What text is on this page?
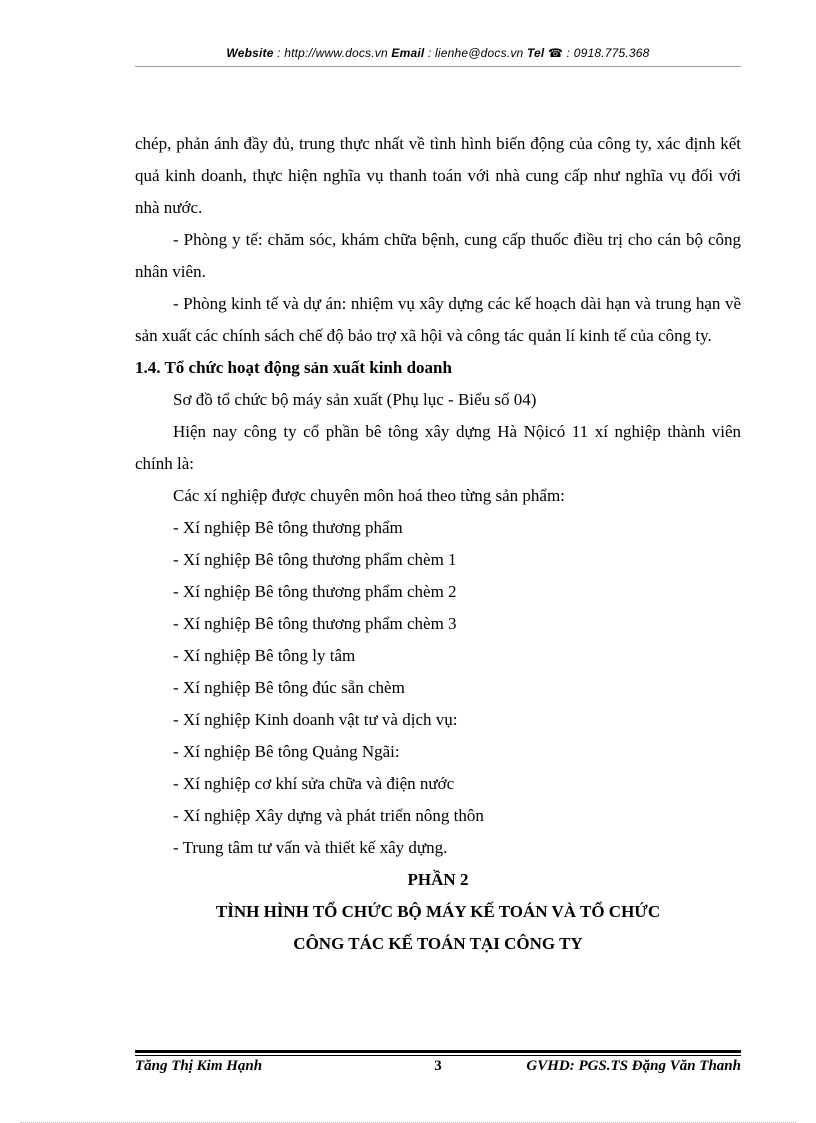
Website : http://www.docs.vn Email : lienhe@docs.vn Tel ☎ : 0918.775.368

chép, phản ánh đầy đủ, trung thực nhất về tình hình biến động của công ty, xác định kết quả kinh doanh, thực hiện nghĩa vụ thanh toán với nhà cung cấp như nghĩa vụ đối với nhà nước.

- Phòng y tế: chăm sóc, khám chữa bệnh, cung cấp thuốc điều trị cho cán bộ công nhân viên.

- Phòng kinh tế và dự án: nhiệm vụ xây dựng các kế hoạch dài hạn và trung hạn về sản xuất các chính sách chế độ bảo trợ xã hội và công tác quản lí kinh tế của công ty.

1.4. Tổ chức hoạt động sản xuất kinh doanh

Sơ đồ tổ chức bộ máy sản xuất (Phụ lục - Biểu số 04)

Hiện nay công ty cổ phần bê tông xây dựng Hà Nộicó 11 xí nghiệp thành viên chính là:

Các xí nghiệp được chuyên môn hoá theo từng sản phẩm:

- Xí nghiệp Bê tông thương phẩm

- Xí nghiệp Bê tông thương phẩm chèm 1

- Xí nghiệp Bê tông thương phẩm chèm 2

- Xí nghiệp Bê tông thương phẩm chèm 3

- Xí nghiệp Bê tông ly tâm

- Xí nghiệp Bê tông đúc sẵn chèm

- Xí nghiệp Kinh doanh vật tư và dịch vụ:

- Xí nghiệp Bê tông Quảng Ngãi:

- Xí nghiệp cơ khí sửa chữa và điện nước

- Xí nghiệp Xây dựng và phát triển nông thôn

- Trung tâm tư vấn và thiết kế xây dựng.

PHẦN 2

TÌNH HÌNH TỔ CHỨC BỘ MÁY KẾ TOÁN VÀ TỔ CHỨC

CÔNG TÁC KẾ TOÁN TẠI CÔNG TY

Tăng Thị Kim Hạnh	3	GVHD: PGS.TS Đặng Văn Thanh
